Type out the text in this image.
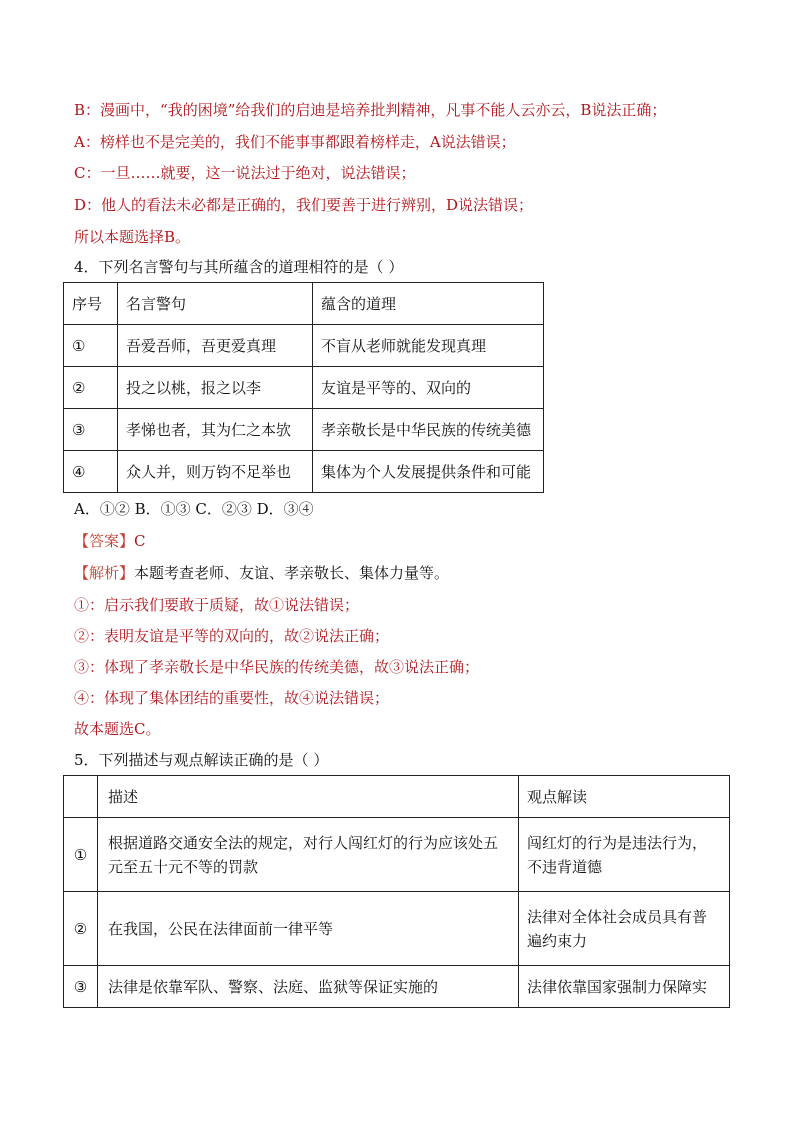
B：漫画中，“我的困境”给我们的启迪是培养批判精神，凡事不能人云亦云，B说法正确；
A：榜样也不是完美的，我们不能事事都跟着榜样走，A说法错误；
C：一旦……就要，这一说法过于绝对，说法错误；
D：他人的看法未必都是正确的，我们要善于进行辨别，D说法错误；
所以本题选择B。
4．下列名言警句与其所蕴含的道理相符的是（ ）
序号	名言警句	蕴含的道理
①	吾爱吾师，吾更爱真理	不盲从老师就能发现真理
②	投之以桃，报之以李	友谊是平等的、双向的
③	孝悌也者，其为仁之本欤	孝亲敬长是中华民族的传统美德
④	众人并，则万钧不足举也	集体为个人发展提供条件和可能
A．①② B．①③ C．②③ D．③④
【答案】C
【解析】本题考查老师、友谊、孝亲敬长、集体力量等。
①：启示我们要敢于质疑，故①说法错误；
②：表明友谊是平等的双向的，故②说法正确；
③：体现了孝亲敬长是中华民族的传统美德，故③说法正确；
④：体现了集体团结的重要性，故④说法错误；
故本题选C。
5．下列描述与观点解读正确的是（ ）
	描述	观点解读
①	根据道路交通安全法的规定，对行人闯红灯的行为应该处五元至五十元不等的罚款	闯红灯的行为是违法行为，不违背道德
②	在我国，公民在法律面前一律平等	法律对全体社会成员具有普遍约束力
③	法律是依靠军队、警察、法庭、监狱等保证实施的	法律依靠国家强制力保障实
